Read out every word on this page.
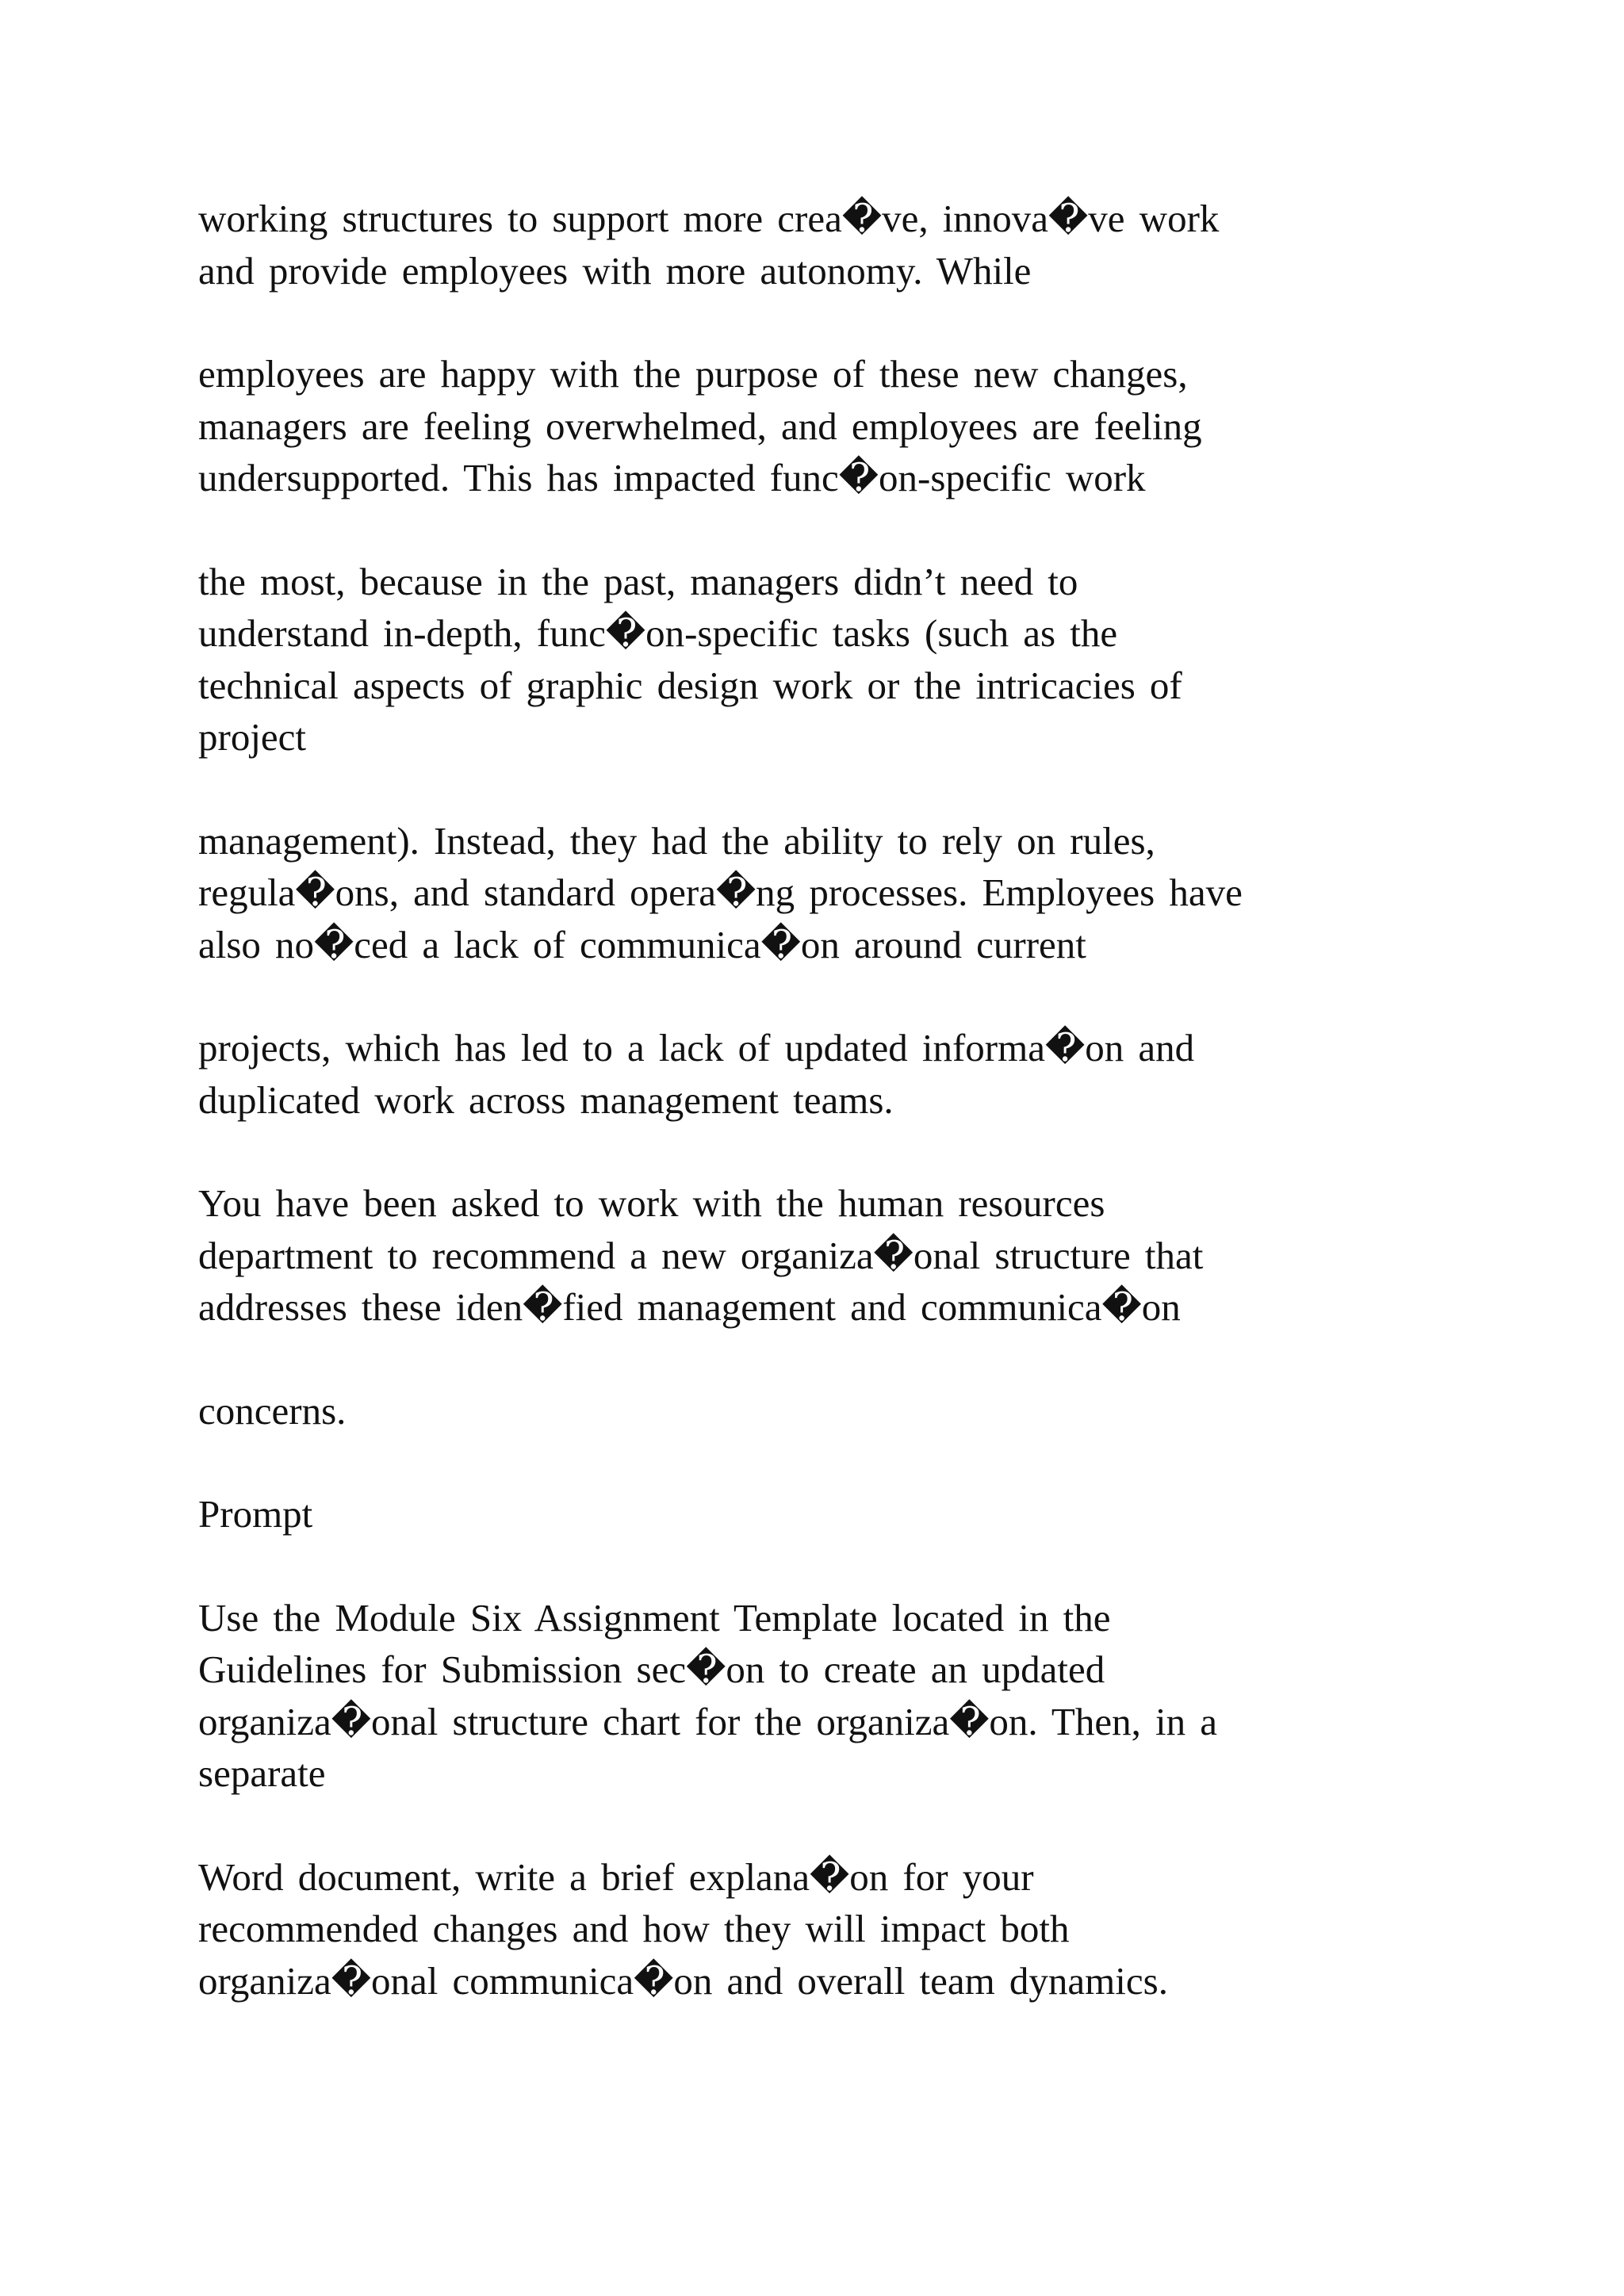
working structures to support more crea�ve, innova�ve work
and provide employees with more autonomy. While

employees are happy with the purpose of these new changes,
managers are feeling overwhelmed, and employees are feeling
undersupported. This has impacted func�on-specific work

the most, because in the past, managers didn’t need to
understand in-depth, func�on-specific tasks (such as the
technical aspects of graphic design work or the intricacies of
project

management). Instead, they had the ability to rely on rules,
regula�ons, and standard opera�ng processes. Employees have
also no�ced a lack of communica�on around current

projects, which has led to a lack of updated informa�on and
duplicated work across management teams.

You have been asked to work with the human resources
department to recommend a new organiza�onal structure that
addresses these iden�fied management and communica�on

concerns.

Prompt

Use the Module Six Assignment Template located in the
Guidelines for Submission sec�on to create an updated
organiza�onal structure chart for the organiza�on. Then, in a
separate

Word document, write a brief explana�on for your
recommended changes and how they will impact both
organiza�onal communica�on and overall team dynamics.
